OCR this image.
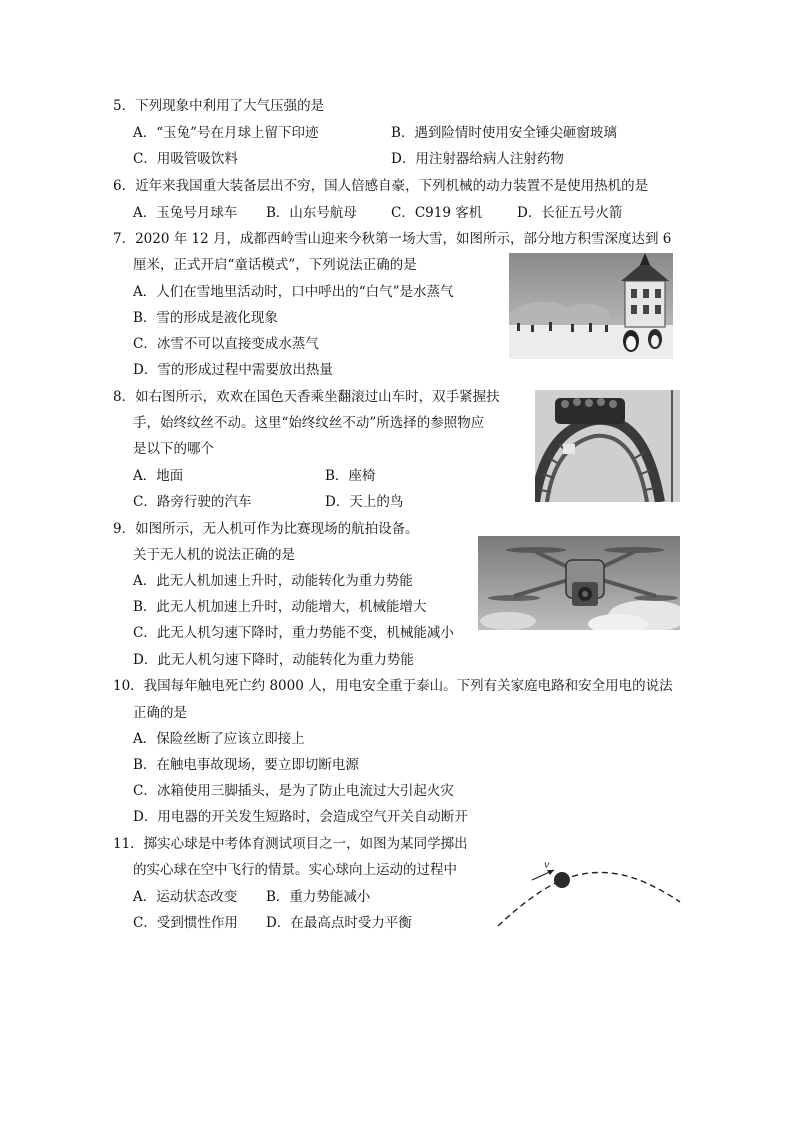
5．下列现象中利用了大气压强的是
A．“玉兔”号在月球上留下印迹	B．遇到险情时使用安全锤尖砸窗玻璃
C．用吸管吸饮料	D．用注射器给病人注射药物
6．近年来我国重大装备层出不穷，国人倍感自豪，下列机械的动力装置不是使用热机的是
A．玉兔号月球车 B．山东号航母	C．C919 客机	D．长征五号火箭
7．2020 年 12 月，成都西岭雪山迎来今秋第一场大雪，如图所示，部分地方积雪深度达到 6
厘米，正式开启“童话模式”，下列说法正确的是
A．人们在雪地里活动时，口中呼出的“白气”是水蒸气
B．雪的形成是液化现象
C．冰雪不可以直接变成水蒸气
D．雪的形成过程中需要放出热量
8．如右图所示，欢欢在国色天香乘坐翻滚过山车时，双手紧握扶
手，始终纹丝不动。这里“始终纹丝不动”所选择的参照物应
是以下的哪个
A．地面	B．座椅
C．路旁行驶的汽车	D．天上的鸟
9．如图所示，无人机可作为比赛现场的航拍设备。
关于无人机的说法正确的是
A．此无人机加速上升时，动能转化为重力势能
B．此无人机加速上升时，动能增大，机械能增大
C．此无人机匀速下降时，重力势能不变，机械能减小
D．此无人机匀速下降时，动能转化为重力势能
10．我国每年触电死亡约 8000 人，用电安全重于泰山。下列有关家庭电路和安全用电的说法
正确的是
A．保险丝断了应该立即接上
B．在触电事故现场，要立即切断电源
C．冰箱使用三脚插头，是为了防止电流过大引起火灾
D．用电器的开关发生短路时，会造成空气开关自动断开
11．掷实心球是中考体育测试项目之一，如图为某同学掷出
的实心球在空中飞行的情景。实心球向上运动的过程中
A．运动状态改变 B．重力势能减小
C．受到惯性作用 D．在最高点时受力平衡
v
